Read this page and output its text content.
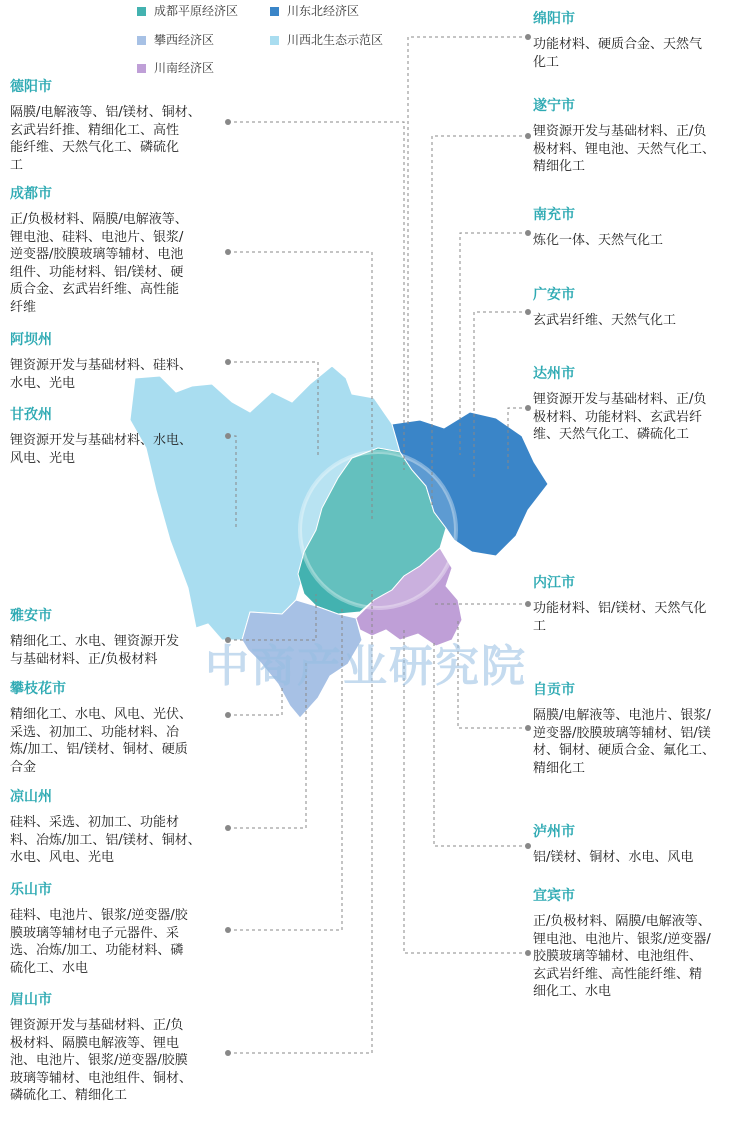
成都平原经济区	川东北经济区
攀西经济区	川西北生态示范区
川南经济区
中商产业研究院
德阳市
隔膜/电解液等、铝/镁材、铜材、
玄武岩纤推、精细化工、高性
能纤维、天然气化工、磷硫化
工
成都市
正/负极材料、隔膜/电解液等、
锂电池、硅料、电池片、银浆/
逆变器/胶膜玻璃等辅材、电池
组件、功能材料、铝/镁材、硬
质合金、玄武岩纤维、高性能
纤维
阿坝州
锂资源开发与基础材料、硅料、
水电、光电
甘孜州
锂资源开发与基础材料、水电、
风电、光电
雅安市
精细化工、水电、锂资源开发
与基础材料、正/负极材料
攀枝花市
精细化工、水电、风电、光伏、
采选、初加工、功能材料、冶
炼/加工、铝/镁材、铜材、硬质
合金
凉山州
硅料、采选、初加工、功能材
料、冶炼/加工、铝/镁材、铜材、
水电、风电、光电
乐山市
硅料、电池片、银浆/逆变器/胶
膜玻璃等辅材电子元器件、采
选、冶炼/加工、功能材料、磷
硫化工、水电
眉山市
锂资源开发与基础材料、正/负
极材料、隔膜电解液等、锂电
池、电池片、银浆/逆变器/胶膜
玻璃等辅材、电池组件、铜材、
磷硫化工、精细化工
绵阳市
功能材料、硬质合金、天然气
化工
遂宁市
锂资源开发与基础材料、正/负
极材料、锂电池、天然气化工、
精细化工
南充市
炼化一体、天然气化工
广安市
玄武岩纤维、天然气化工
达州市
锂资源开发与基础材料、正/负
极材料、功能材料、玄武岩纤
维、天然气化工、磷硫化工
内江市
功能材料、铝/镁材、天然气化
工
自贡市
隔膜/电解液等、电池片、银浆/
逆变器/胶膜玻璃等辅材、铝/镁
材、铜材、硬质合金、氟化工、
精细化工
泸州市
铝/镁材、铜材、水电、风电
宜宾市
正/负极材料、隔膜/电解液等、
锂电池、电池片、银浆/逆变器/
胶膜玻璃等辅材、电池组件、
玄武岩纤维、高性能纤维、精
细化工、水电
